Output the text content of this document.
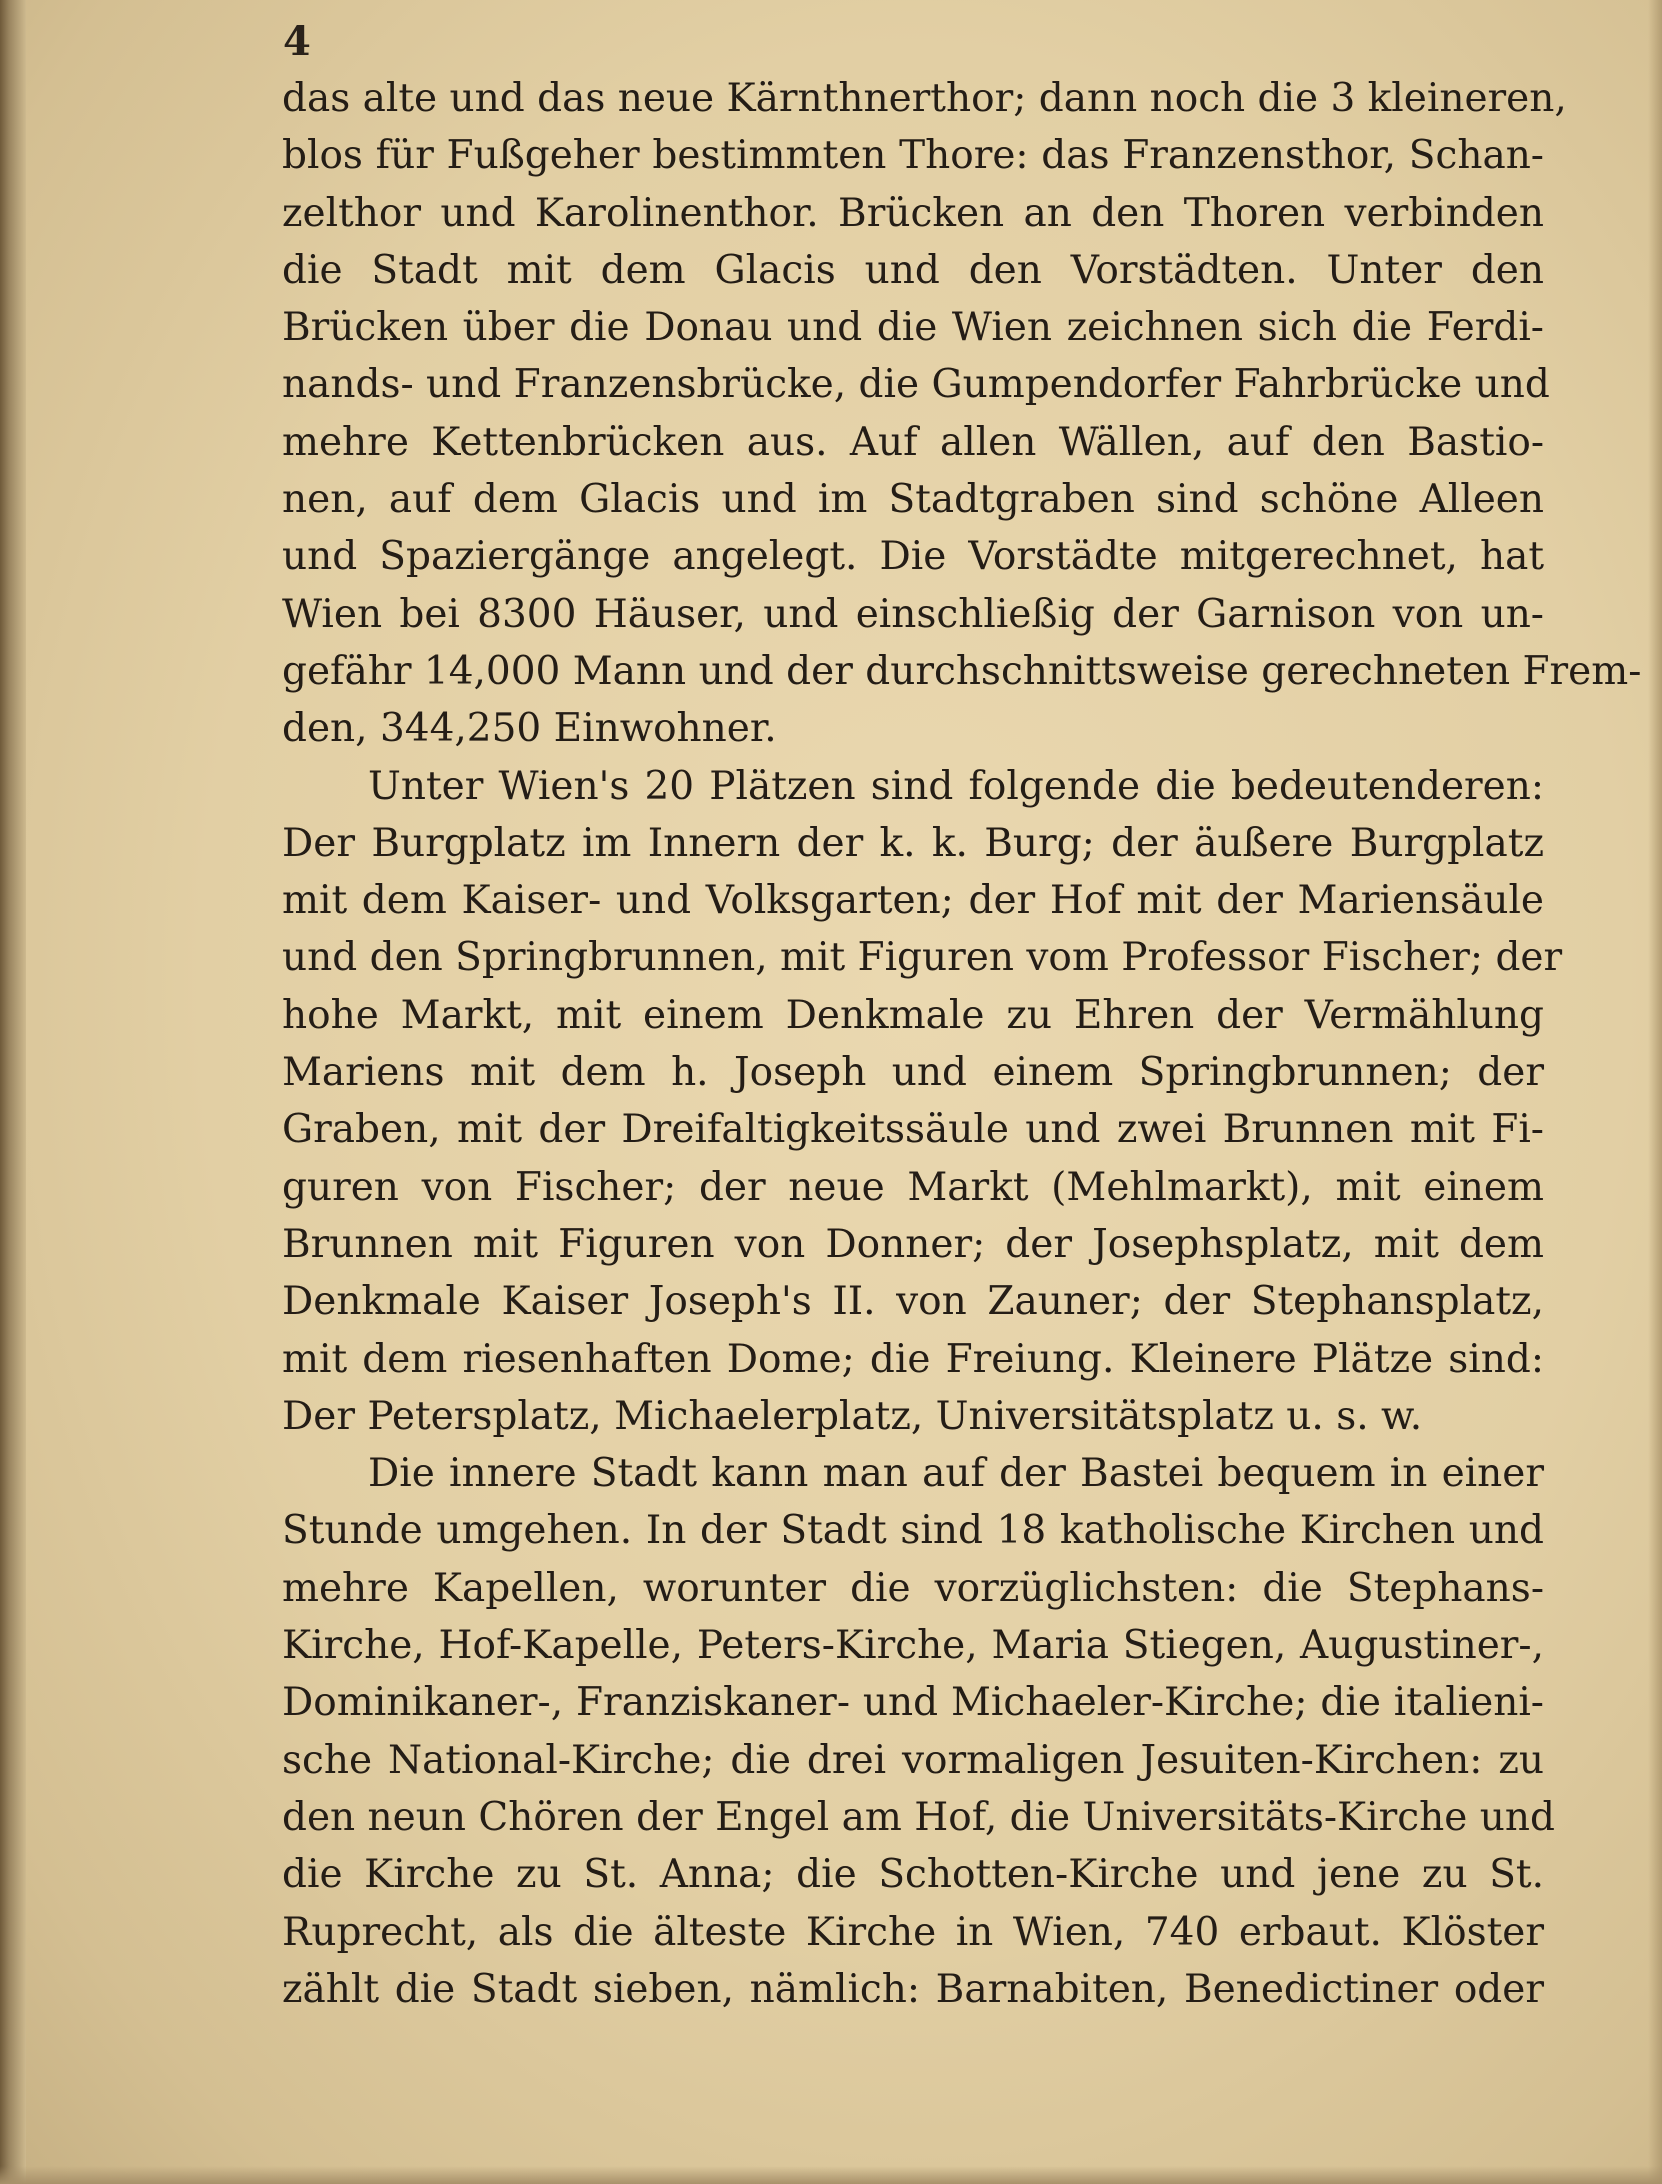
4
das alte und das neue Kärnthnerthor; dann noch die 3 kleineren,
blos für Fußgeher bestimmten Thore: das Franzensthor, Schan-
zelthor und Karolinenthor. Brücken an den Thoren verbinden
die Stadt mit dem Glacis und den Vorstädten. Unter den
Brücken über die Donau und die Wien zeichnen sich die Ferdi-
nands- und Franzensbrücke, die Gumpendorfer Fahrbrücke und
mehre Kettenbrücken aus. Auf allen Wällen, auf den Bastio-
nen, auf dem Glacis und im Stadtgraben sind schöne Alleen
und Spaziergänge angelegt. Die Vorstädte mitgerechnet, hat
Wien bei 8300 Häuser, und einschließig der Garnison von un-
gefähr 14,000 Mann und der durchschnittsweise gerechneten Frem-
den, 344,250 Einwohner.
Unter Wien's 20 Plätzen sind folgende die bedeutenderen:
Der Burgplatz im Innern der k. k. Burg; der äußere Burgplatz
mit dem Kaiser- und Volksgarten; der Hof mit der Mariensäule
und den Springbrunnen, mit Figuren vom Professor Fischer; der
hohe Markt, mit einem Denkmale zu Ehren der Vermählung
Mariens mit dem h. Joseph und einem Springbrunnen; der
Graben, mit der Dreifaltigkeitssäule und zwei Brunnen mit Fi-
guren von Fischer; der neue Markt (Mehlmarkt), mit einem
Brunnen mit Figuren von Donner; der Josephsplatz, mit dem
Denkmale Kaiser Joseph's II. von Zauner; der Stephansplatz,
mit dem riesenhaften Dome; die Freiung. Kleinere Plätze sind:
Der Petersplatz, Michaelerplatz, Universitätsplatz u. s. w.
Die innere Stadt kann man auf der Bastei bequem in einer
Stunde umgehen. In der Stadt sind 18 katholische Kirchen und
mehre Kapellen, worunter die vorzüglichsten: die Stephans-
Kirche, Hof-Kapelle, Peters-Kirche, Maria Stiegen, Augustiner-,
Dominikaner-, Franziskaner- und Michaeler-Kirche; die italieni-
sche National-Kirche; die drei vormaligen Jesuiten-Kirchen: zu
den neun Chören der Engel am Hof, die Universitäts-Kirche und
die Kirche zu St. Anna; die Schotten-Kirche und jene zu St.
Ruprecht, als die älteste Kirche in Wien, 740 erbaut. Klöster
zählt die Stadt sieben, nämlich: Barnabiten, Benedictiner oder
